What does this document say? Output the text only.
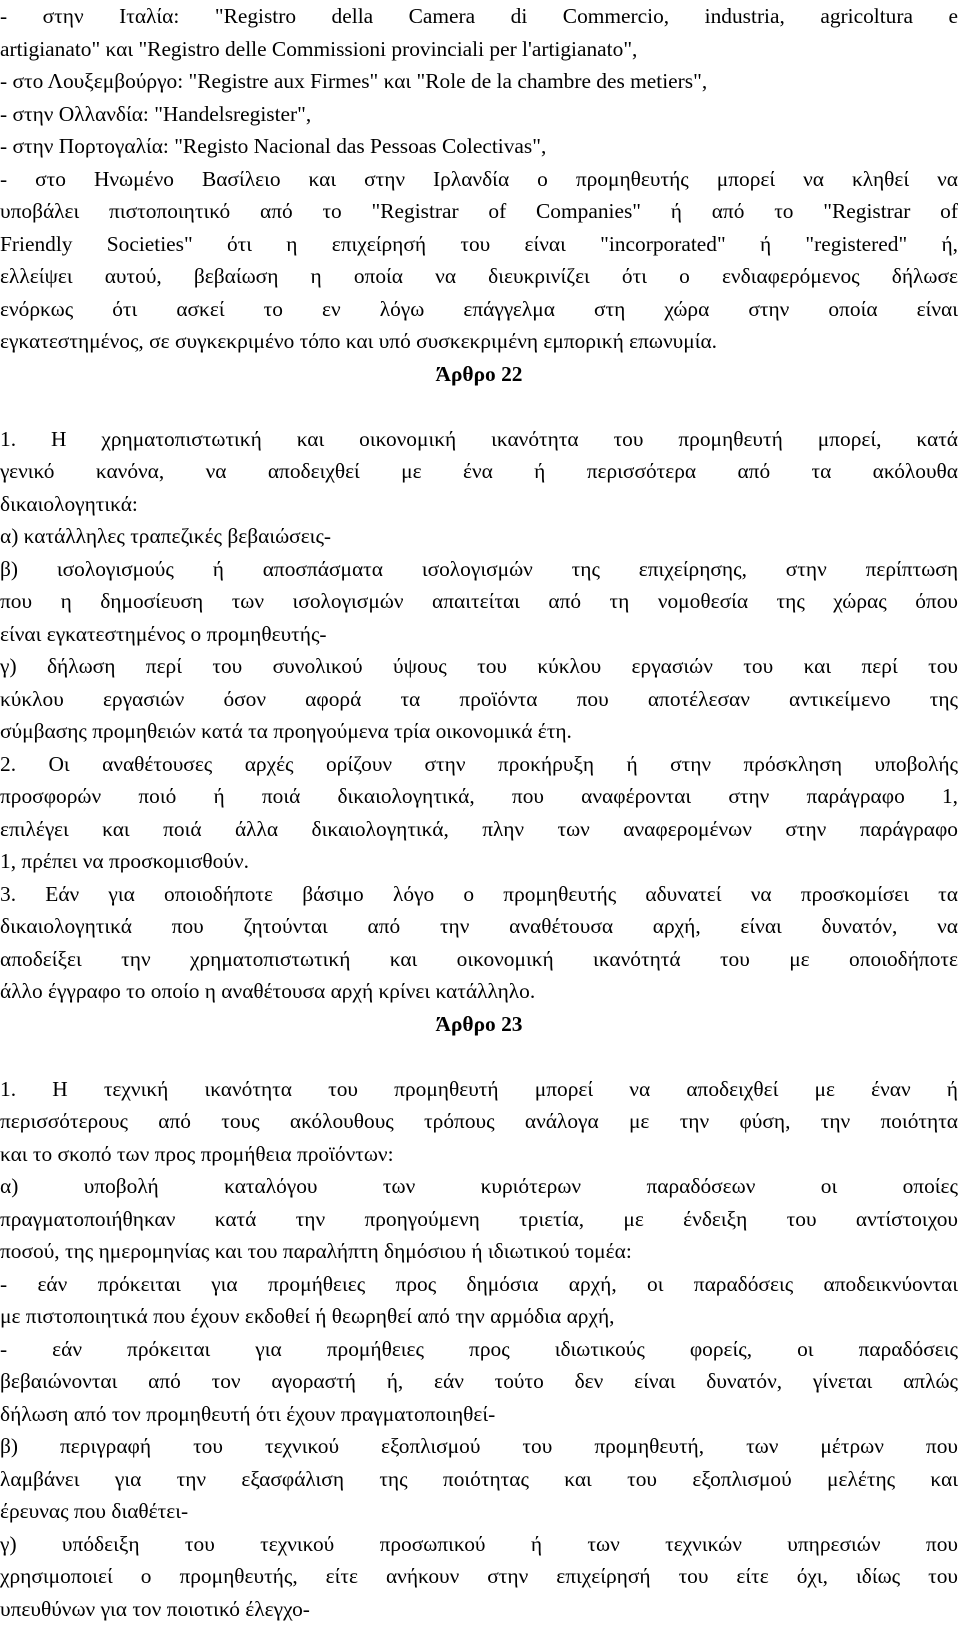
- στην Ιταλία: "Registro della Camera di Commercio, industria, agricoltura e
artigianato" και "Registro delle Commissioni provinciali per l'artigianato",
- στο Λουξεμβούργο: "Registre aux Firmes" και "Role de la chambre des metiers",
- στην Ολλανδία: "Handelsregister",
- στην Πορτογαλία: "Registo Nacional das Pessoas Colectivas",
- στο Ηνωμένο Βασίλειο και στην Ιρλανδία ο προμηθευτής μπορεί να κληθεί να
υποβάλει πιστοποιητικό από το "Registrar of Companies" ή από το "Registrar of
Friendly Societies" ότι η επιχείρησή του είναι "incorporated" ή "registered" ή,
ελλείψει αυτού, βεβαίωση η οποία να διευκρινίζει ότι ο ενδιαφερόμενος δήλωσε
ενόρκως ότι ασκεί το εν λόγω επάγγελμα στη χώρα στην οποία είναι
εγκατεστημένος, σε συγκεκριμένο τόπο και υπό συσκεκριμένη εμπορική επωνυμία.
Άρθρο 22
1. Η χρηματοπιστωτική και οικονομική ικανότητα του προμηθευτή μπορεί, κατά
γενικό κανόνα, να αποδειχθεί με ένα ή περισσότερα από τα ακόλουθα
δικαιολογητικά:
α) κατάλληλες τραπεζικές βεβαιώσεις-
β) ισολογισμούς ή αποσπάσματα ισολογισμών της επιχείρησης, στην περίπτωση
που η δημοσίευση των ισολογισμών απαιτείται από τη νομοθεσία της χώρας όπου
είναι εγκατεστημένος ο προμηθευτής-
γ) δήλωση περί του συνολικού ύψους του κύκλου εργασιών του και περί του
κύκλου εργασιών όσον αφορά τα προϊόντα που αποτέλεσαν αντικείμενο της
σύμβασης προμηθειών κατά τα προηγούμενα τρία οικονομικά έτη.
2. Οι αναθέτουσες αρχές ορίζουν στην προκήρυξη ή στην πρόσκληση υποβολής
προσφορών ποιό ή ποιά δικαιολογητικά, που αναφέρονται στην παράγραφο 1,
επιλέγει και ποιά άλλα δικαιολογητικά, πλην των αναφερομένων στην παράγραφο
1, πρέπει να προσκομισθούν.
3. Εάν για οποιοδήποτε βάσιμο λόγο ο προμηθευτής αδυνατεί να προσκομίσει τα
δικαιολογητικά που ζητούνται από την αναθέτουσα αρχή, είναι δυνατόν, να
αποδείξει την χρηματοπιστωτική και οικονομική ικανότητά του με οποιοδήποτε
άλλο έγγραφο το οποίο η αναθέτουσα αρχή κρίνει κατάλληλο.
Άρθρο 23
1. Η τεχνική ικανότητα του προμηθευτή μπορεί να αποδειχθεί με έναν ή
περισσότερους από τους ακόλουθους τρόπους ανάλογα με την φύση, την ποιότητα
και το σκοπό των προς προμήθεια προϊόντων:
α) υποβολή καταλόγου των κυριότερων παραδόσεων οι οποίες
πραγματοποιήθηκαν κατά την προηγούμενη τριετία, με ένδειξη του αντίστοιχου
ποσού, της ημερομηνίας και του παραλήπτη δημόσιου ή ιδιωτικού τομέα:
- εάν πρόκειται για προμήθειες προς δημόσια αρχή, οι παραδόσεις αποδεικνύονται
με πιστοποιητικά που έχουν εκδοθεί ή θεωρηθεί από την αρμόδια αρχή,
- εάν πρόκειται για προμήθειες προς ιδιωτικούς φορείς, οι παραδόσεις
βεβαιώνονται από τον αγοραστή ή, εάν τούτο δεν είναι δυνατόν, γίνεται απλώς
δήλωση από τον προμηθευτή ότι έχουν πραγματοποιηθεί-
β) περιγραφή του τεχνικού εξοπλισμού του προμηθευτή, των μέτρων που
λαμβάνει για την εξασφάλιση της ποιότητας και του εξοπλισμού μελέτης και
έρευνας που διαθέτει-
γ) υπόδειξη του τεχνικού προσωπικού ή των τεχνικών υπηρεσιών που
χρησιμοποιεί ο προμηθευτής, είτε ανήκουν στην επιχείρησή του είτε όχι, ιδίως του
υπευθύνων για τον ποιοτικό έλεγχο-
